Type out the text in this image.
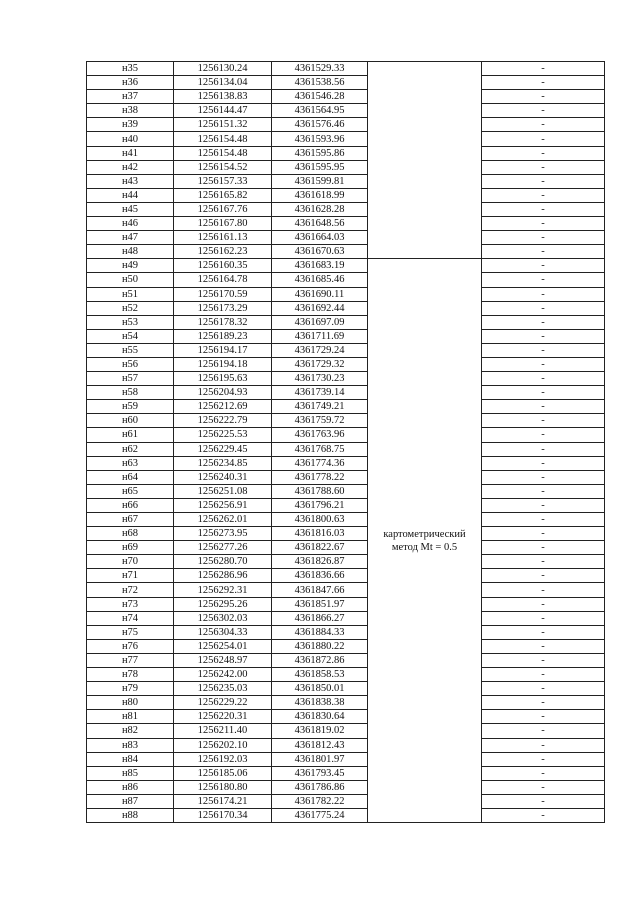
н35	1256130.24	4361529.33		-
н36	1256134.04	4361538.56		-
н37	1256138.83	4361546.28		-
н38	1256144.47	4361564.95		-
н39	1256151.32	4361576.46		-
н40	1256154.48	4361593.96		-
н41	1256154.48	4361595.86		-
н42	1256154.52	4361595.95		-
н43	1256157.33	4361599.81		-
н44	1256165.82	4361618.99		-
н45	1256167.76	4361628.28		-
н46	1256167.80	4361648.56		-
н47	1256161.13	4361664.03		-
н48	1256162.23	4361670.63		-
н49	1256160.35	4361683.19	картометрический
метод Mt = 0.5	-
н50	1256164.78	4361685.46		-
н51	1256170.59	4361690.11		-
н52	1256173.29	4361692.44		-
н53	1256178.32	4361697.09		-
н54	1256189.23	4361711.69		-
н55	1256194.17	4361729.24		-
н56	1256194.18	4361729.32		-
н57	1256195.63	4361730.23		-
н58	1256204.93	4361739.14		-
н59	1256212.69	4361749.21		-
н60	1256222.79	4361759.72		-
н61	1256225.53	4361763.96		-
н62	1256229.45	4361768.75		-
н63	1256234.85	4361774.36		-
н64	1256240.31	4361778.22		-
н65	1256251.08	4361788.60		-
н66	1256256.91	4361796.21		-
н67	1256262.01	4361800.63		-
н68	1256273.95	4361816.03		-
н69	1256277.26	4361822.67		-
н70	1256280.70	4361826.87		-
н71	1256286.96	4361836.66		-
н72	1256292.31	4361847.66		-
н73	1256295.26	4361851.97		-
н74	1256302.03	4361866.27		-
н75	1256304.33	4361884.33		-
н76	1256254.01	4361880.22		-
н77	1256248.97	4361872.86		-
н78	1256242.00	4361858.53		-
н79	1256235.03	4361850.01		-
н80	1256229.22	4361838.38		-
н81	1256220.31	4361830.64		-
н82	1256211.40	4361819.02		-
н83	1256202.10	4361812.43		-
н84	1256192.03	4361801.97		-
н85	1256185.06	4361793.45		-
н86	1256180.80	4361786.86		-
н87	1256174.21	4361782.22		-
н88	1256170.34	4361775.24		-
